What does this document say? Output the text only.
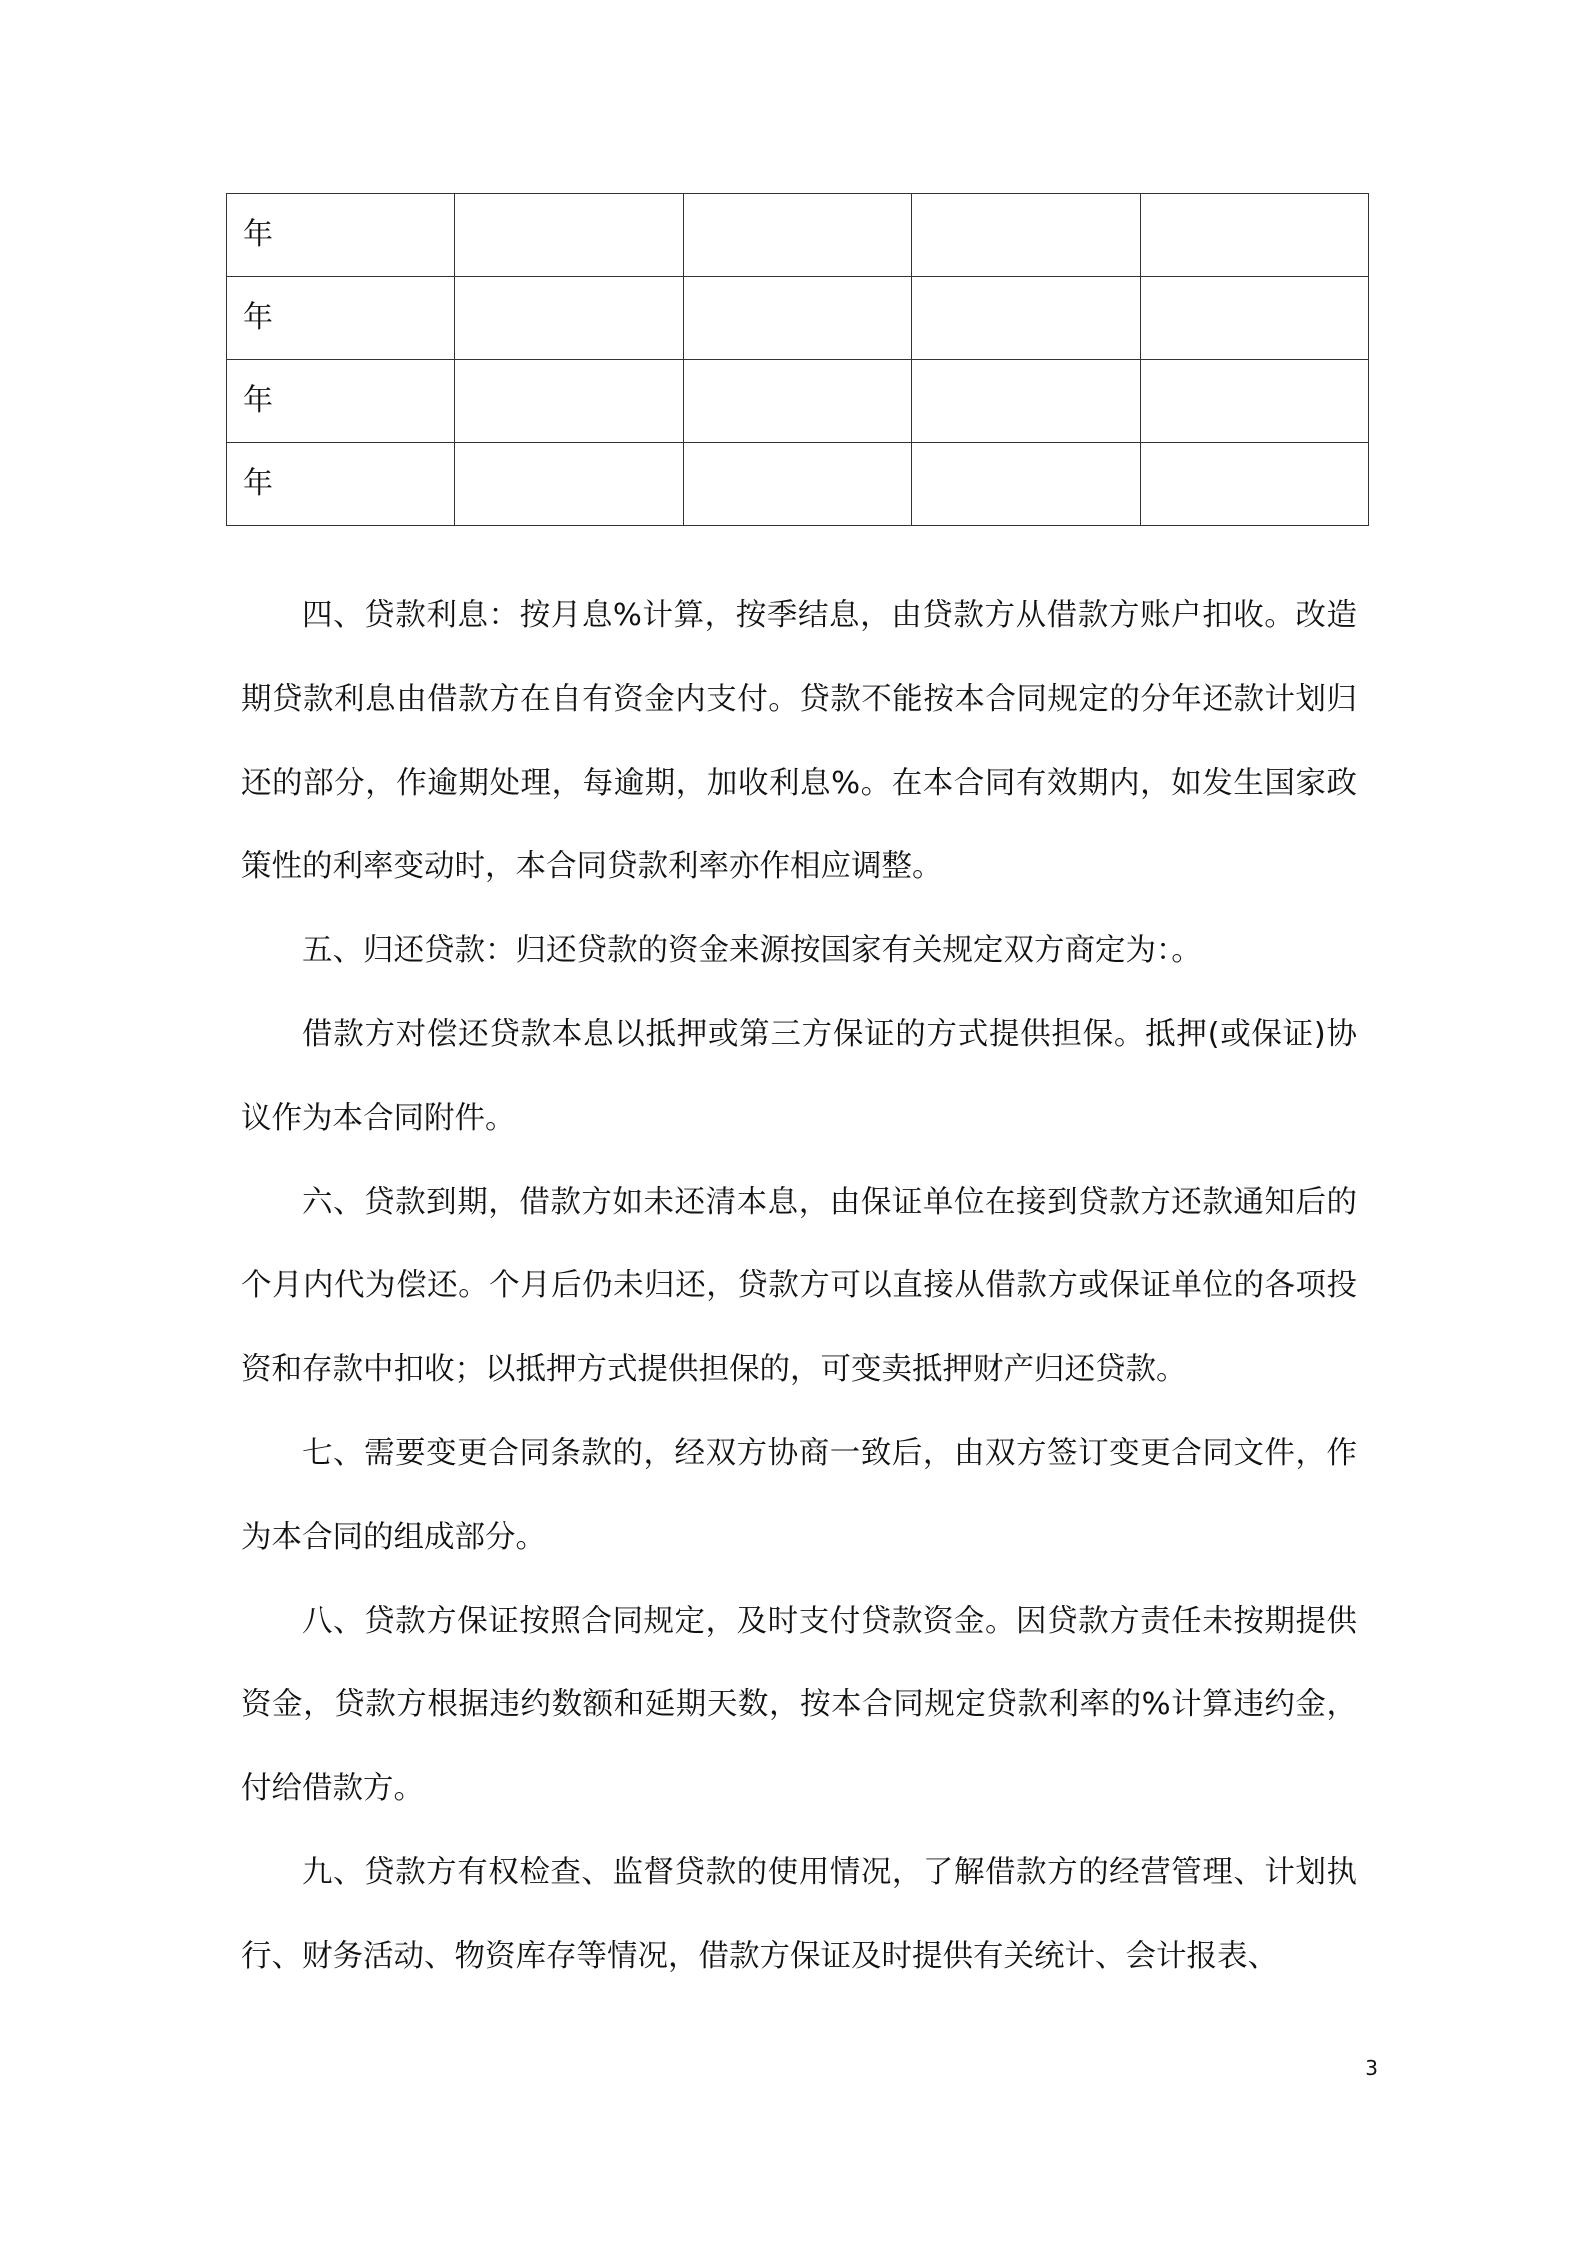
年				
年				
年				
年				

四、贷款利息：按月息%计算，按季结息，由贷款方从借款方账户扣收。改造期贷款利息由借款方在自有资金内支付。贷款不能按本合同规定的分年还款计划归还的部分，作逾期处理，每逾期，加收利息%。在本合同有效期内，如发生国家政策性的利率变动时，本合同贷款利率亦作相应调整。

五、归还贷款：归还贷款的资金来源按国家有关规定双方商定为：。

借款方对偿还贷款本息以抵押或第三方保证的方式提供担保。抵押(或保证)协议作为本合同附件。

六、贷款到期，借款方如未还清本息，由保证单位在接到贷款方还款通知后的个月内代为偿还。个月后仍未归还，贷款方可以直接从借款方或保证单位的各项投资和存款中扣收；以抵押方式提供担保的，可变卖抵押财产归还贷款。

七、需要变更合同条款的，经双方协商一致后，由双方签订变更合同文件，作为本合同的组成部分。

八、贷款方保证按照合同规定，及时支付贷款资金。因贷款方责任未按期提供资金，贷款方根据违约数额和延期天数，按本合同规定贷款利率的%计算违约金，付给借款方。

九、贷款方有权检查、监督贷款的使用情况，了解借款方的经营管理、计划执行、财务活动、物资库存等情况，借款方保证及时提供有关统计、会计报表、

3
